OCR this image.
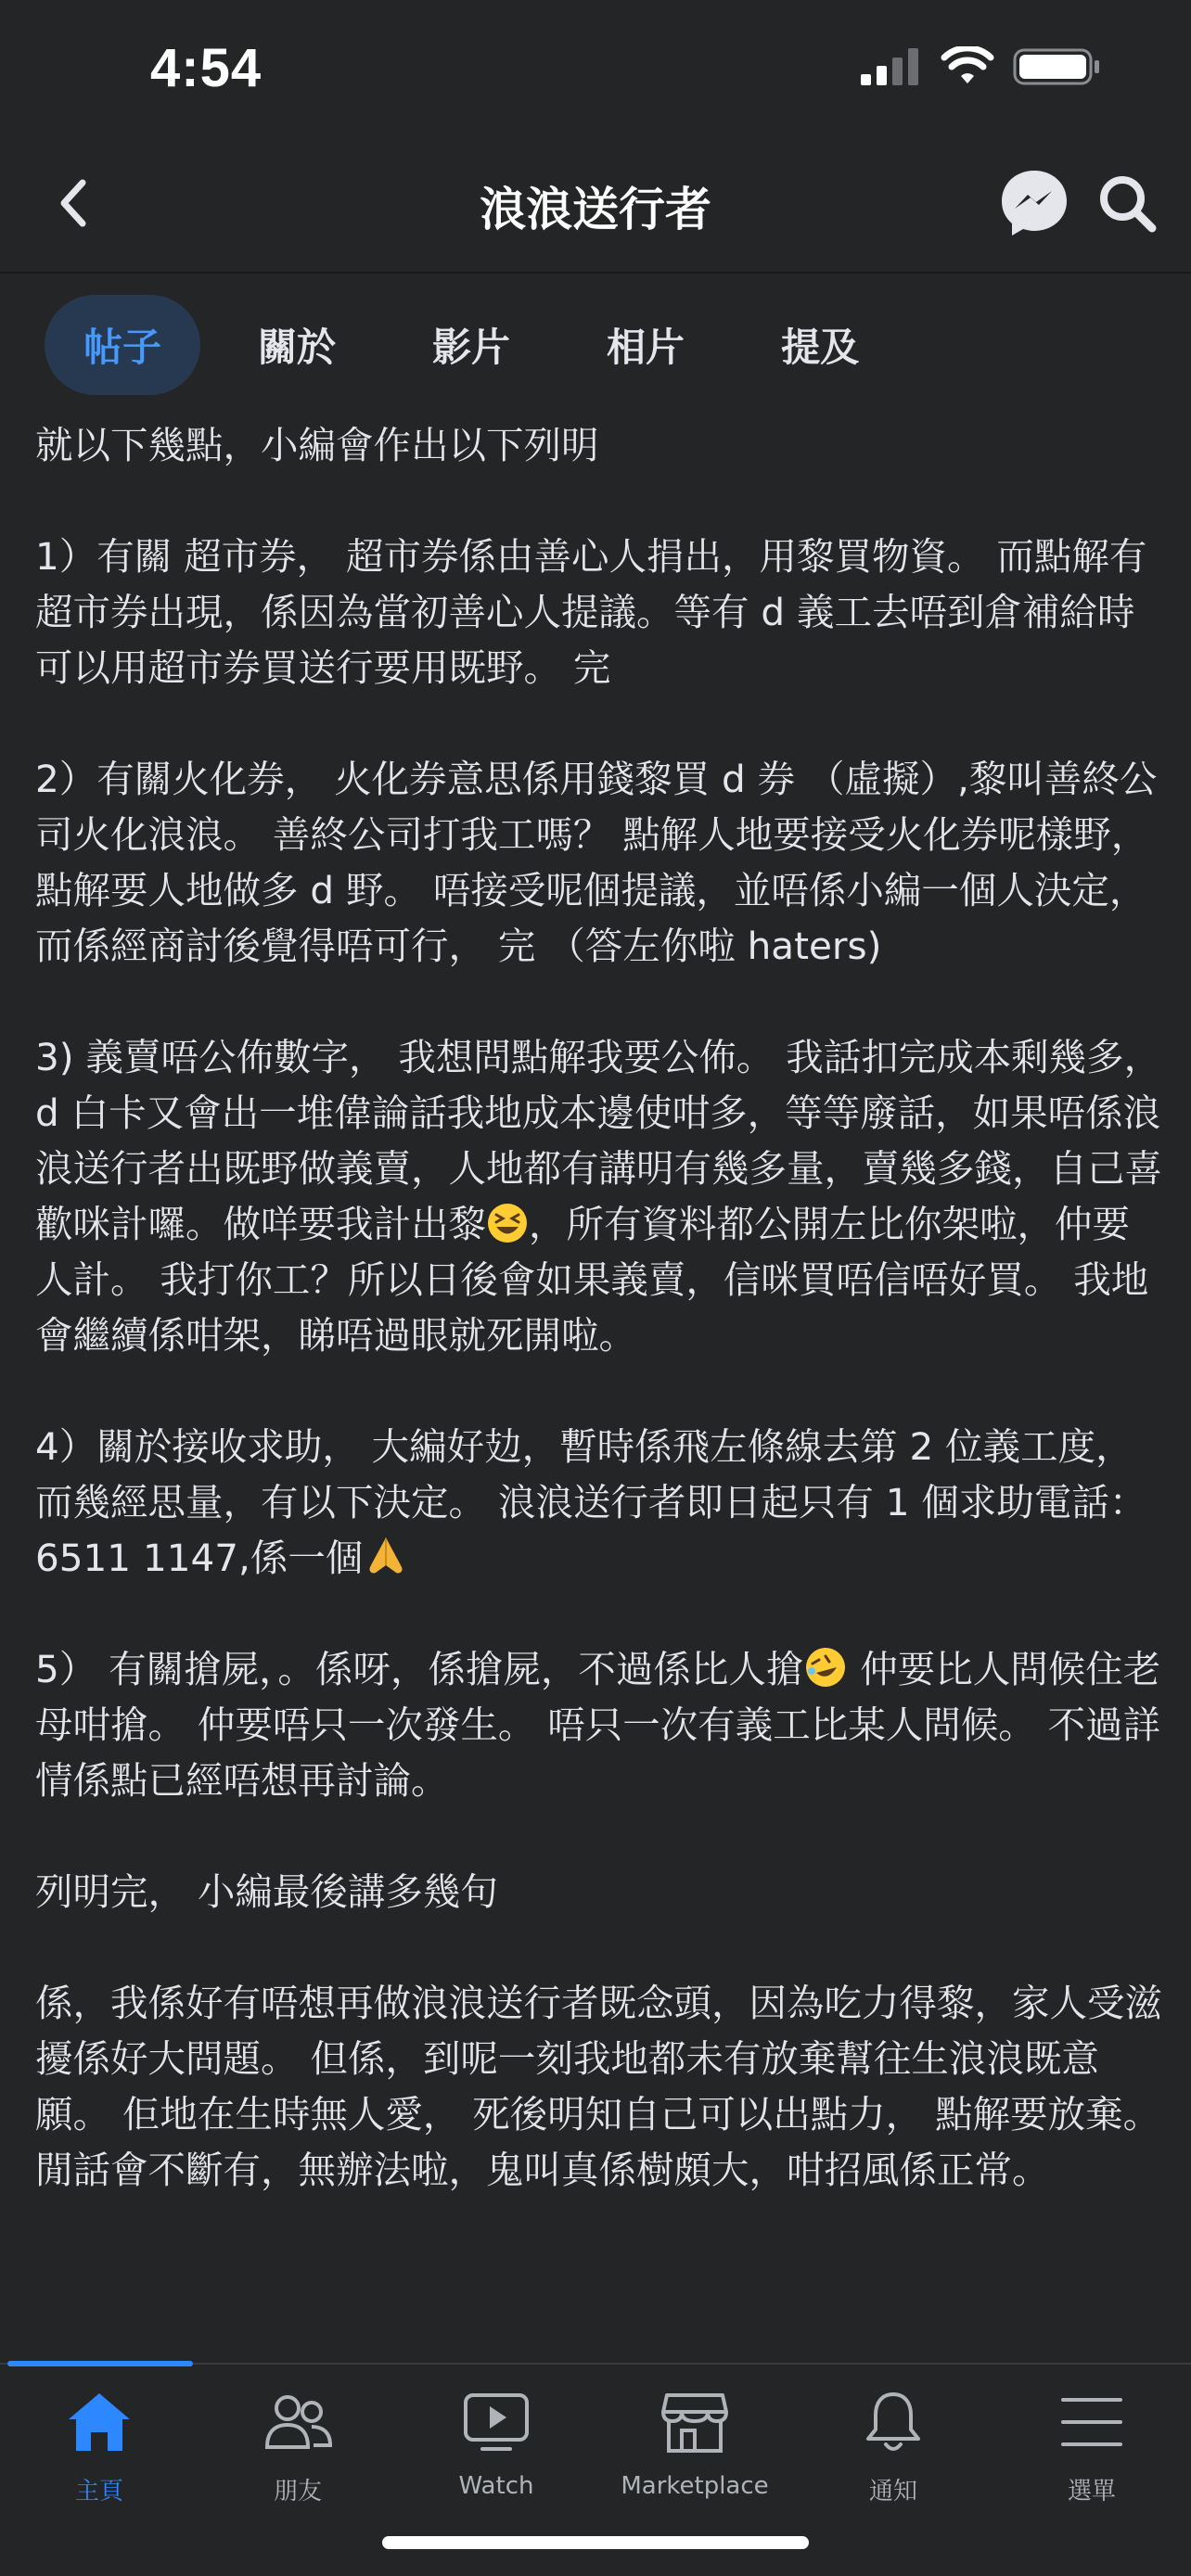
4:54
浪浪送行者
帖子	關於	影片	相片	提及

就以下幾點，小編會作出以下列明

1）有關 超市券， 超市券係由善心人捐出，用黎買物資。 而點解有超市券出現，係因為當初善心人提議。等有 d 義工去唔到倉補給時可以用超市券買送行要用既野。 完

2）有關火化券， 火化券意思係用錢黎買 d 券 （虛擬）,黎叫善終公司火化浪浪。 善終公司打我工嗎？ 點解人地要接受火化券呢樣野， 點解要人地做多 d 野。 唔接受呢個提議，並唔係小編一個人決定，而係經商討後覺得唔可行， 完 （答左你啦 haters)

3) 義賣唔公佈數字， 我想問點解我要公佈。 我話扣完成本剩幾多，d 白卡又會出一堆偉論話我地成本邊使咁多，等等廢話，如果唔係浪浪送行者出既野做義賣，人地都有講明有幾多量，賣幾多錢，自己喜歡咪計囉。做咩要我計出黎 ，所有資料都公開左比你架啦，仲要人計。 我打你工？所以日後會如果義賣，信咪買唔信唔好買。 我地會繼續係咁架，睇唔過眼就死開啦。

4）關於接收求助， 大編好攰，暫時係飛左條線去第 2 位義工度， 而幾經思量，有以下決定。 浪浪送行者即日起只有 1 個求助電話： 6511 1147,係一個

5） 有關搶屍，。係呀，係搶屍，不過係比人搶 仲要比人問候住老母咁搶。 仲要唔只一次發生。 唔只一次有義工比某人問候。 不過詳情係點已經唔想再討論。

列明完， 小編最後講多幾句

係，我係好有唔想再做浪浪送行者既念頭，因為吃力得黎，家人受滋擾係好大問題。 但係，到呢一刻我地都未有放棄幫往生浪浪既意願。 佢地在生時無人愛， 死後明知自己可以出點力， 點解要放棄。 閒話會不斷有，無辦法啦，鬼叫真係樹頗大，咁招風係正常。

主頁	朋友	Watch	Marketplace	通知	選單
